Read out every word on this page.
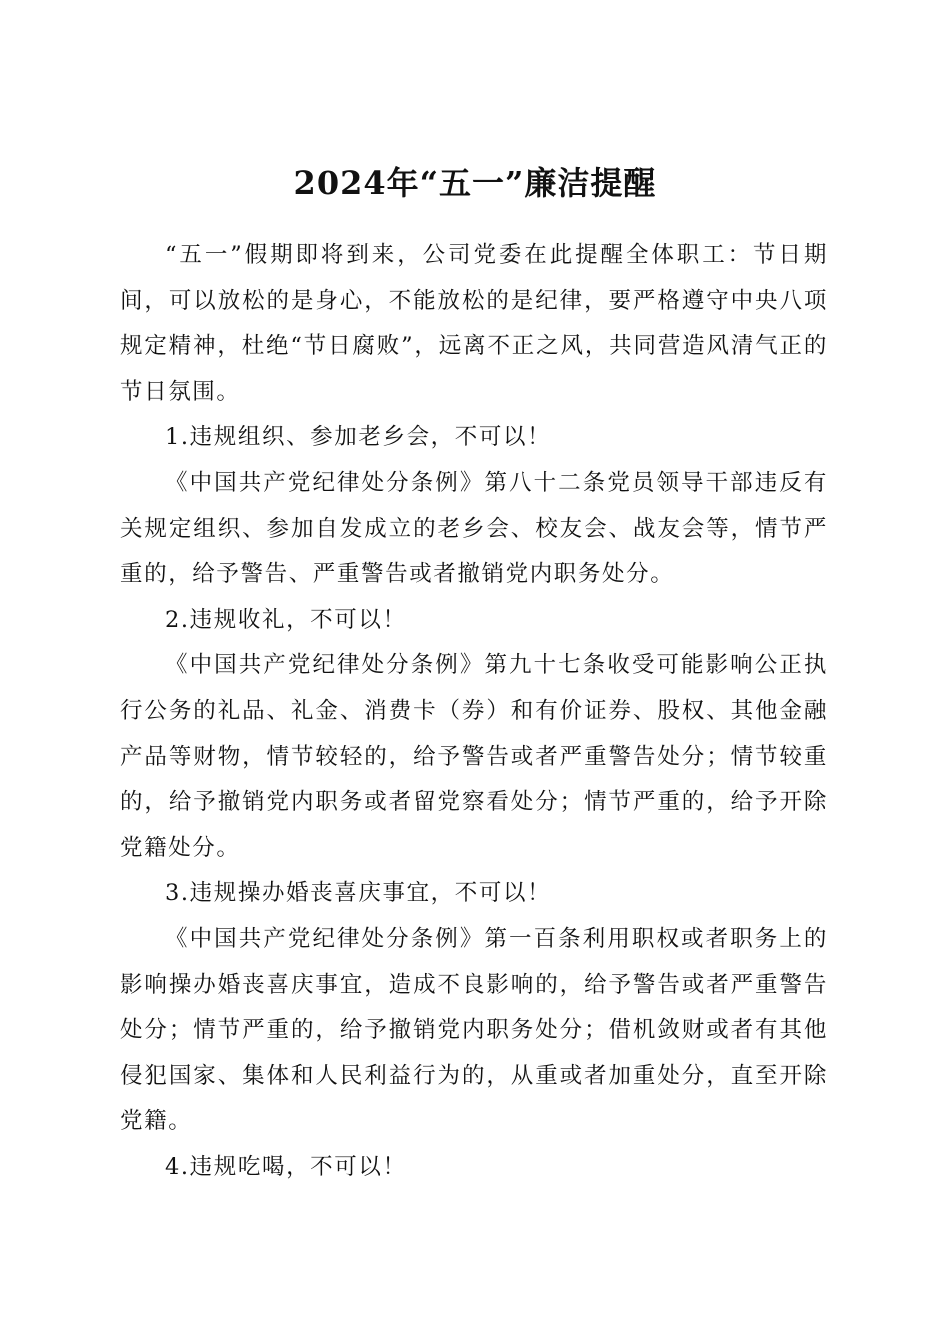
2024年“五一”廉洁提醒

“五一”假期即将到来，公司党委在此提醒全体职工：节日期间，可以放松的是身心，不能放松的是纪律，要严格遵守中央八项规定精神，杜绝“节日腐败”，远离不正之风，共同营造风清气正的节日氛围。

1.违规组织、参加老乡会，不可以！

《中国共产党纪律处分条例》第八十二条党员领导干部违反有关规定组织、参加自发成立的老乡会、校友会、战友会等，情节严重的，给予警告、严重警告或者撤销党内职务处分。

2.违规收礼，不可以！

《中国共产党纪律处分条例》第九十七条收受可能影响公正执行公务的礼品、礼金、消费卡（券）和有价证券、股权、其他金融产品等财物，情节较轻的，给予警告或者严重警告处分；情节较重的，给予撤销党内职务或者留党察看处分；情节严重的，给予开除党籍处分。

3.违规操办婚丧喜庆事宜，不可以！

《中国共产党纪律处分条例》第一百条利用职权或者职务上的影响操办婚丧喜庆事宜，造成不良影响的，给予警告或者严重警告处分；情节严重的，给予撤销党内职务处分；借机敛财或者有其他侵犯国家、集体和人民利益行为的，从重或者加重处分，直至开除党籍。

4.违规吃喝，不可以！
